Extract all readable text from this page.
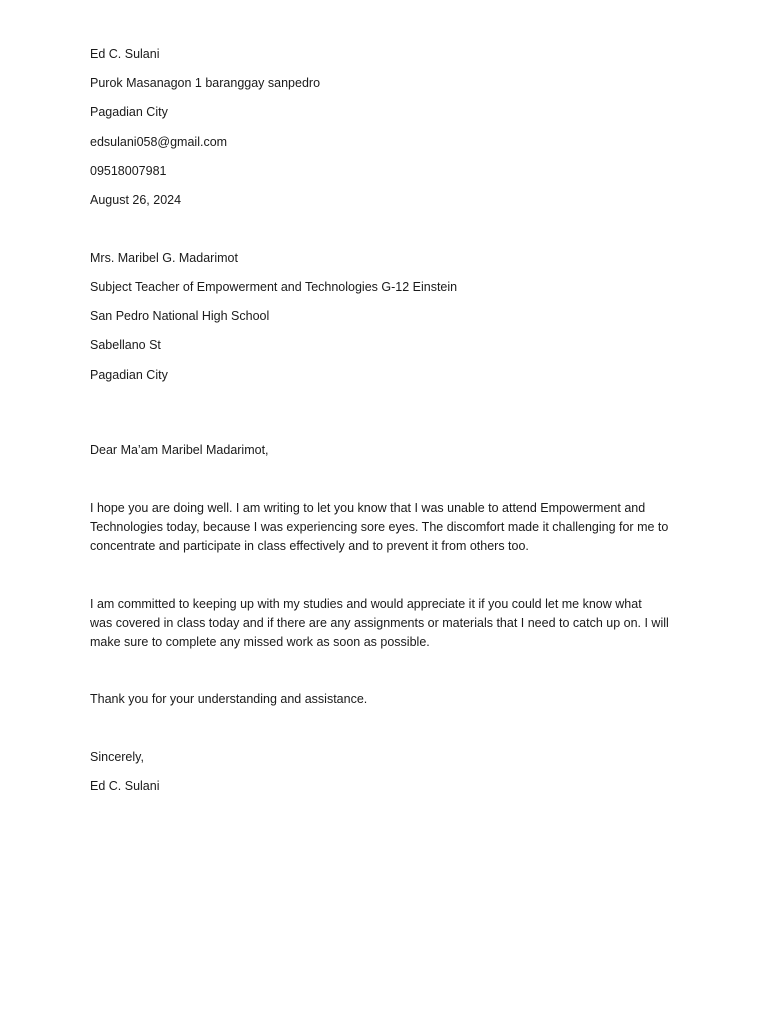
Ed C. Sulani
Purok Masanagon 1 baranggay sanpedro
Pagadian City
edsulani058@gmail.com
09518007981
August 26, 2024
Mrs. Maribel G. Madarimot
Subject Teacher of Empowerment and Technologies G-12 Einstein
San Pedro National High School
Sabellano St
Pagadian City
Dear Ma’am Maribel Madarimot,
I hope you are doing well. I am writing to let you know that I was unable to attend Empowerment and
Technologies today, because I was experiencing sore eyes. The discomfort made it challenging for me to
concentrate and participate in class effectively and to prevent it from others too.
I am committed to keeping up with my studies and would appreciate it if you could let me know what
was covered in class today and if there are any assignments or materials that I need to catch up on. I will
make sure to complete any missed work as soon as possible.
Thank you for your understanding and assistance.
Sincerely,
Ed C. Sulani
